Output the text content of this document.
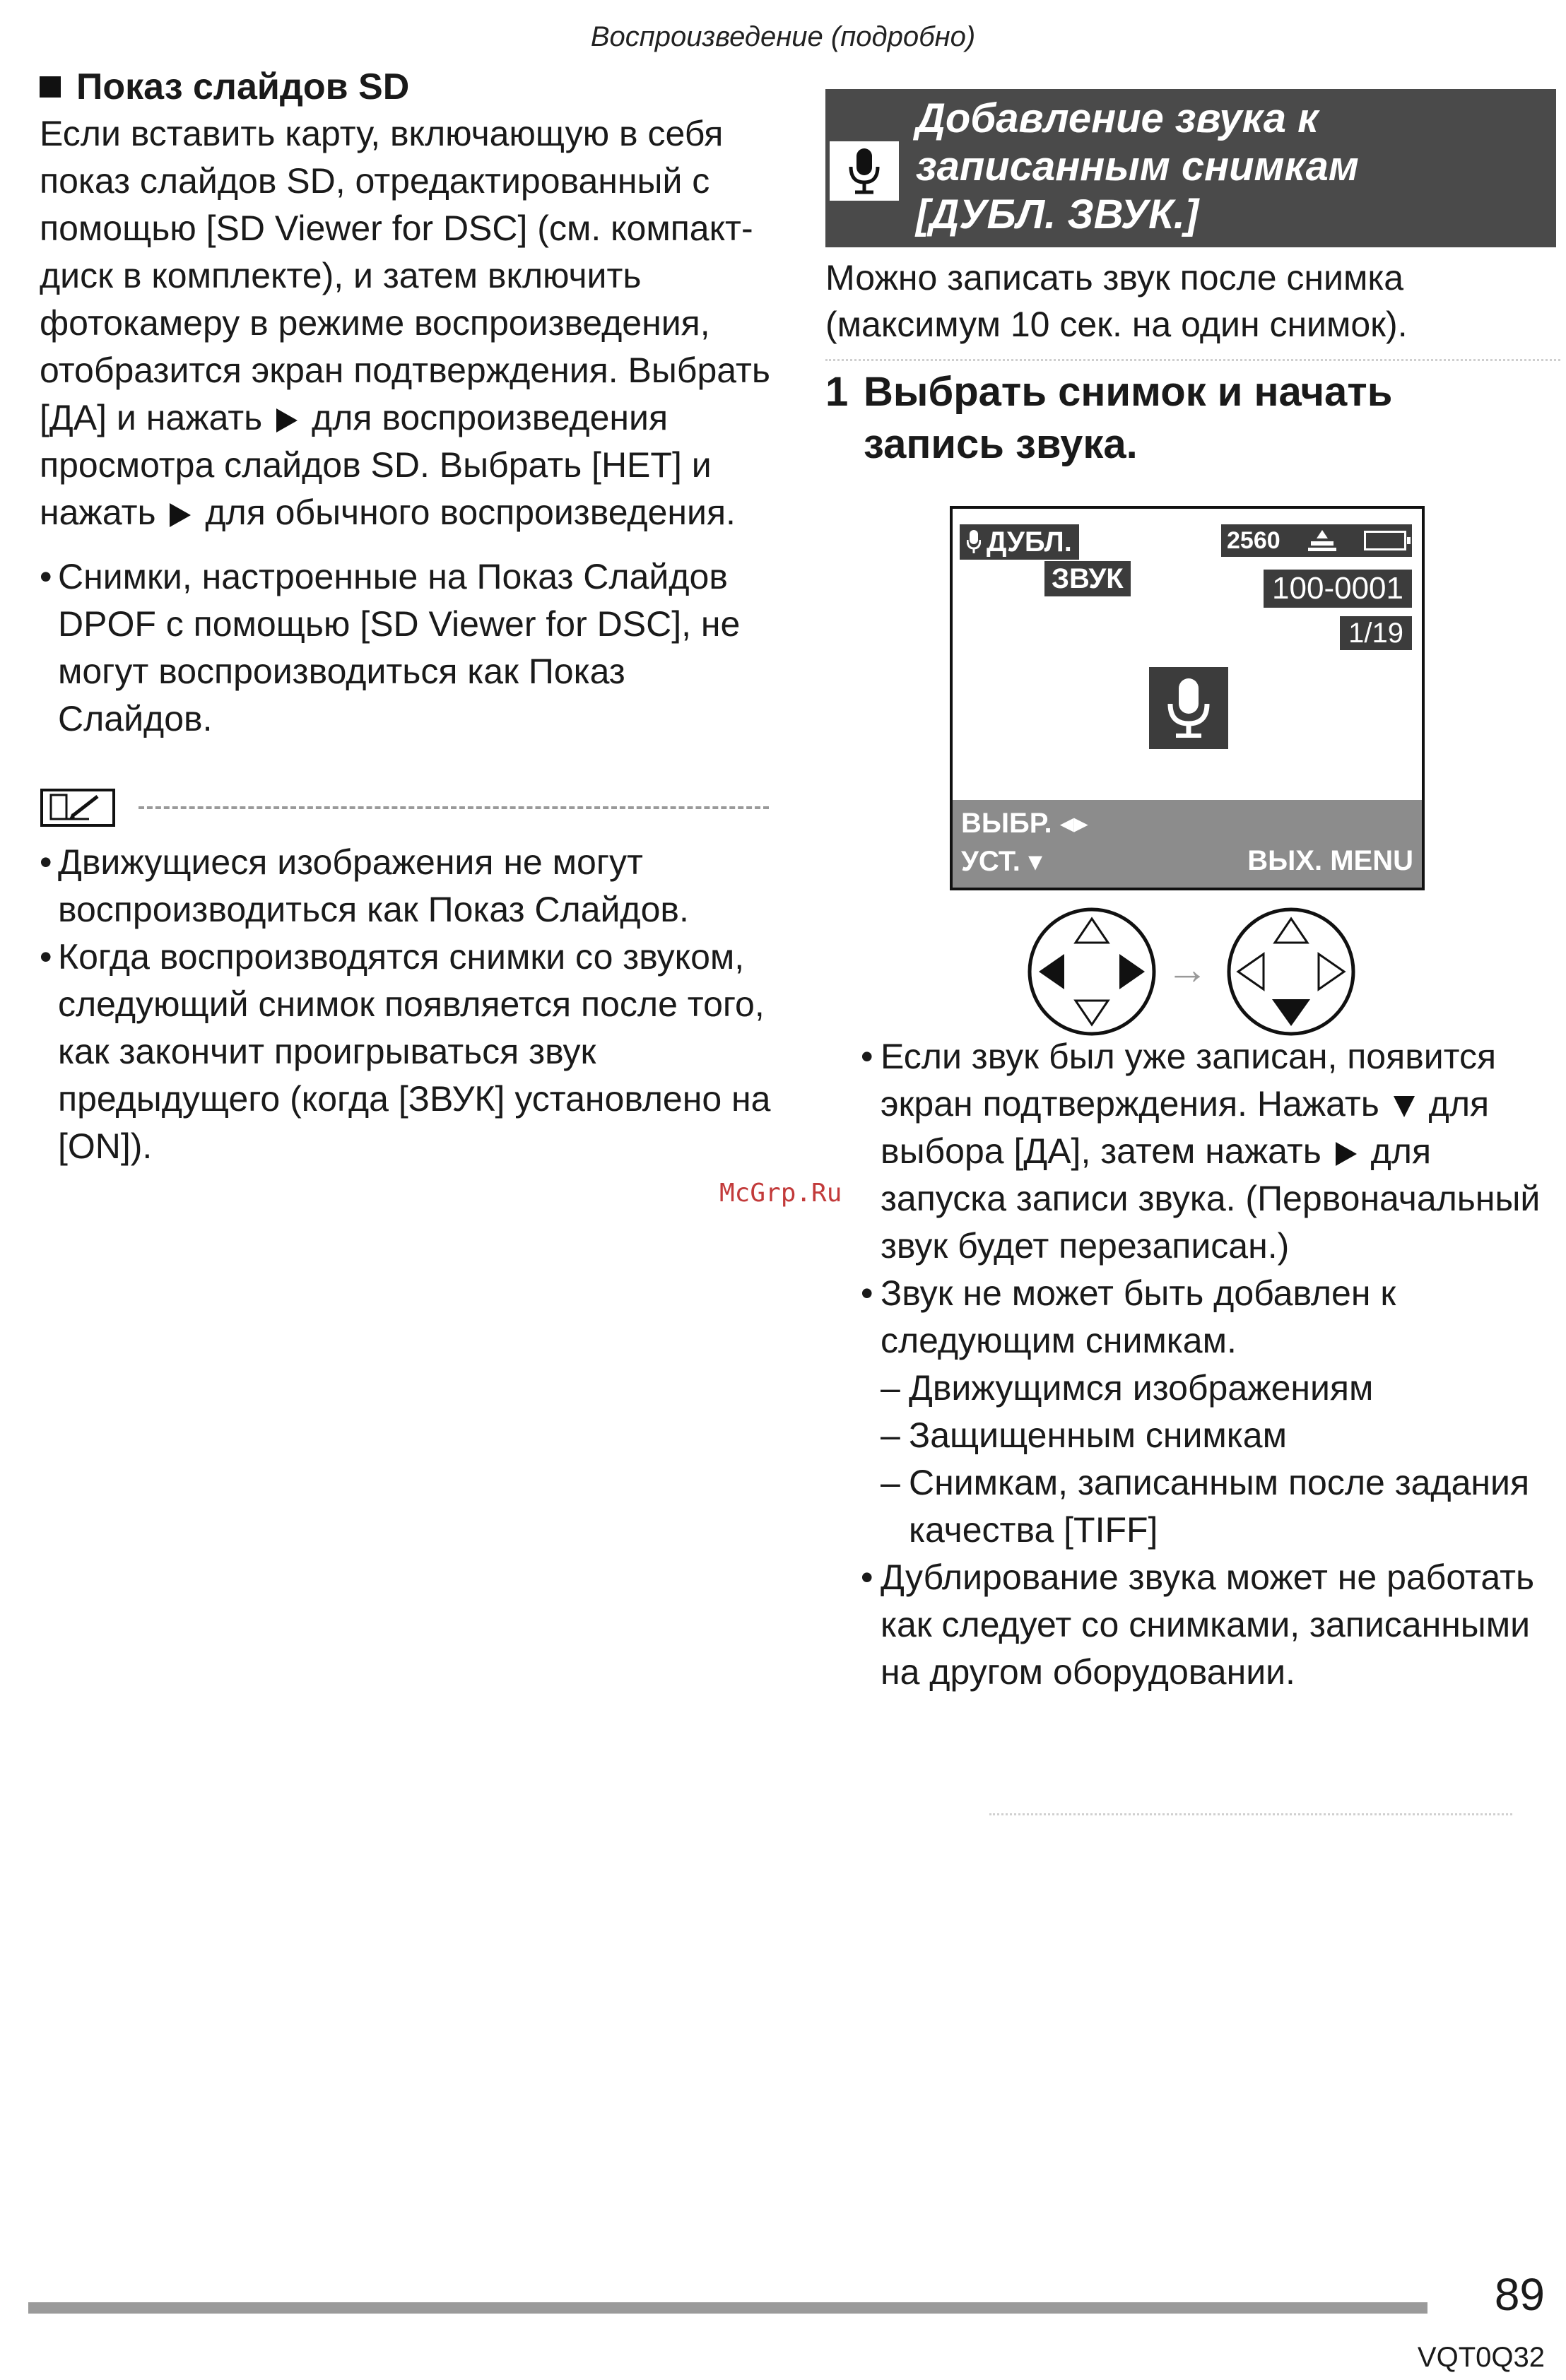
Воспроизведение (подробно)
Показ слайдов SD

Если вставить карту, включающую в себя показ слайдов SD, отредактированный с помощью [SD Viewer for DSC] (см. компакт-диск в комплекте), и затем включить фотокамеру в режиме воспроизведения, отобразится экран подтверждения. Выбрать [ДА] и нажать для воспроизведения просмотра слайдов SD. Выбрать [НЕТ] и нажать для обычного воспроизведения.

• Снимки, настроенные на Показ Слайдов DPOF с помощью [SD Viewer for DSC], не могут воспроизводиться как Показ Слайдов.
• Движущиеся изображения не могут воспроизводиться как Показ Слайдов.
• Когда воспроизводятся снимки со звуком, следующий снимок появляется после того, как закончит проигрываться звук предыдущего (когда [ЗВУК] установлено на [ON]).
McGrp.Ru
Добавление звука к
записанным снимкам
[ДУБЛ. ЗВУК.]
Можно записать звук после снимка (максимум 10 сек. на один снимок).
1 Выбрать снимок и начать
запись звука.
ДУБЛ.
ЗВУК
2560
100-0001
1/19
ВЫБР. ◂▸
УСТ. ▾	ВЫХ. MENU
→
• Если звук был уже записан, появится экран подтверждения. Нажать для выбора [ДА], затем нажать для запуска записи звука. (Первоначальный звук будет перезаписан.)
• Звук не может быть добавлен к следующим снимкам.
– Движущимся изображениям
– Защищенным снимкам
– Снимкам, записанным после задания качества [TIFF]
• Дублирование звука может не работать как следует со снимками, записанными на другом оборудовании.
89
VQT0Q32
